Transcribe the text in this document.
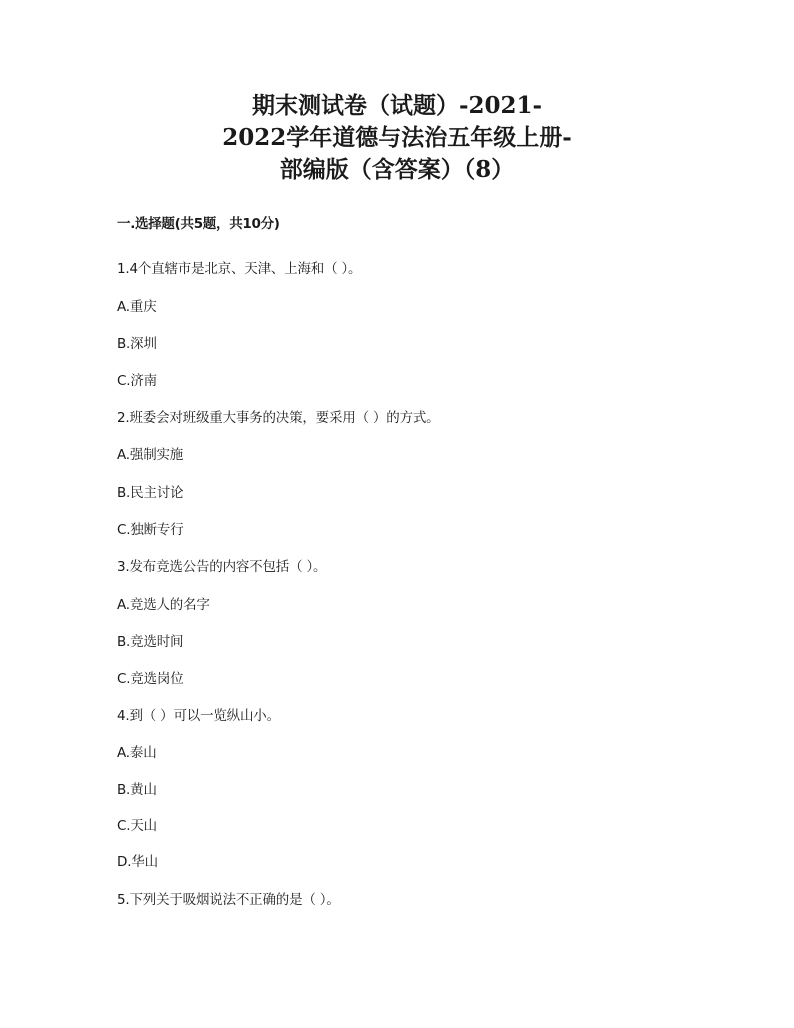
期末测试卷（试题）-2021-
2022学年道德与法治五年级上册-
部编版（含答案）（8）
一.选择题(共5题，共10分)
1.4个直辖市是北京、天津、上海和（ ）。
A.重庆
B.深圳
C.济南
2.班委会对班级重大事务的决策，要采用（ ）的方式。
A.强制实施
B.民主讨论
C.独断专行
3.发布竞选公告的内容不包括（ ）。
A.竞选人的名字
B.竞选时间
C.竞选岗位
4.到（ ）可以一览纵山小。
A.泰山
B.黄山
C.天山
D.华山
5.下列关于吸烟说法不正确的是（ ）。
